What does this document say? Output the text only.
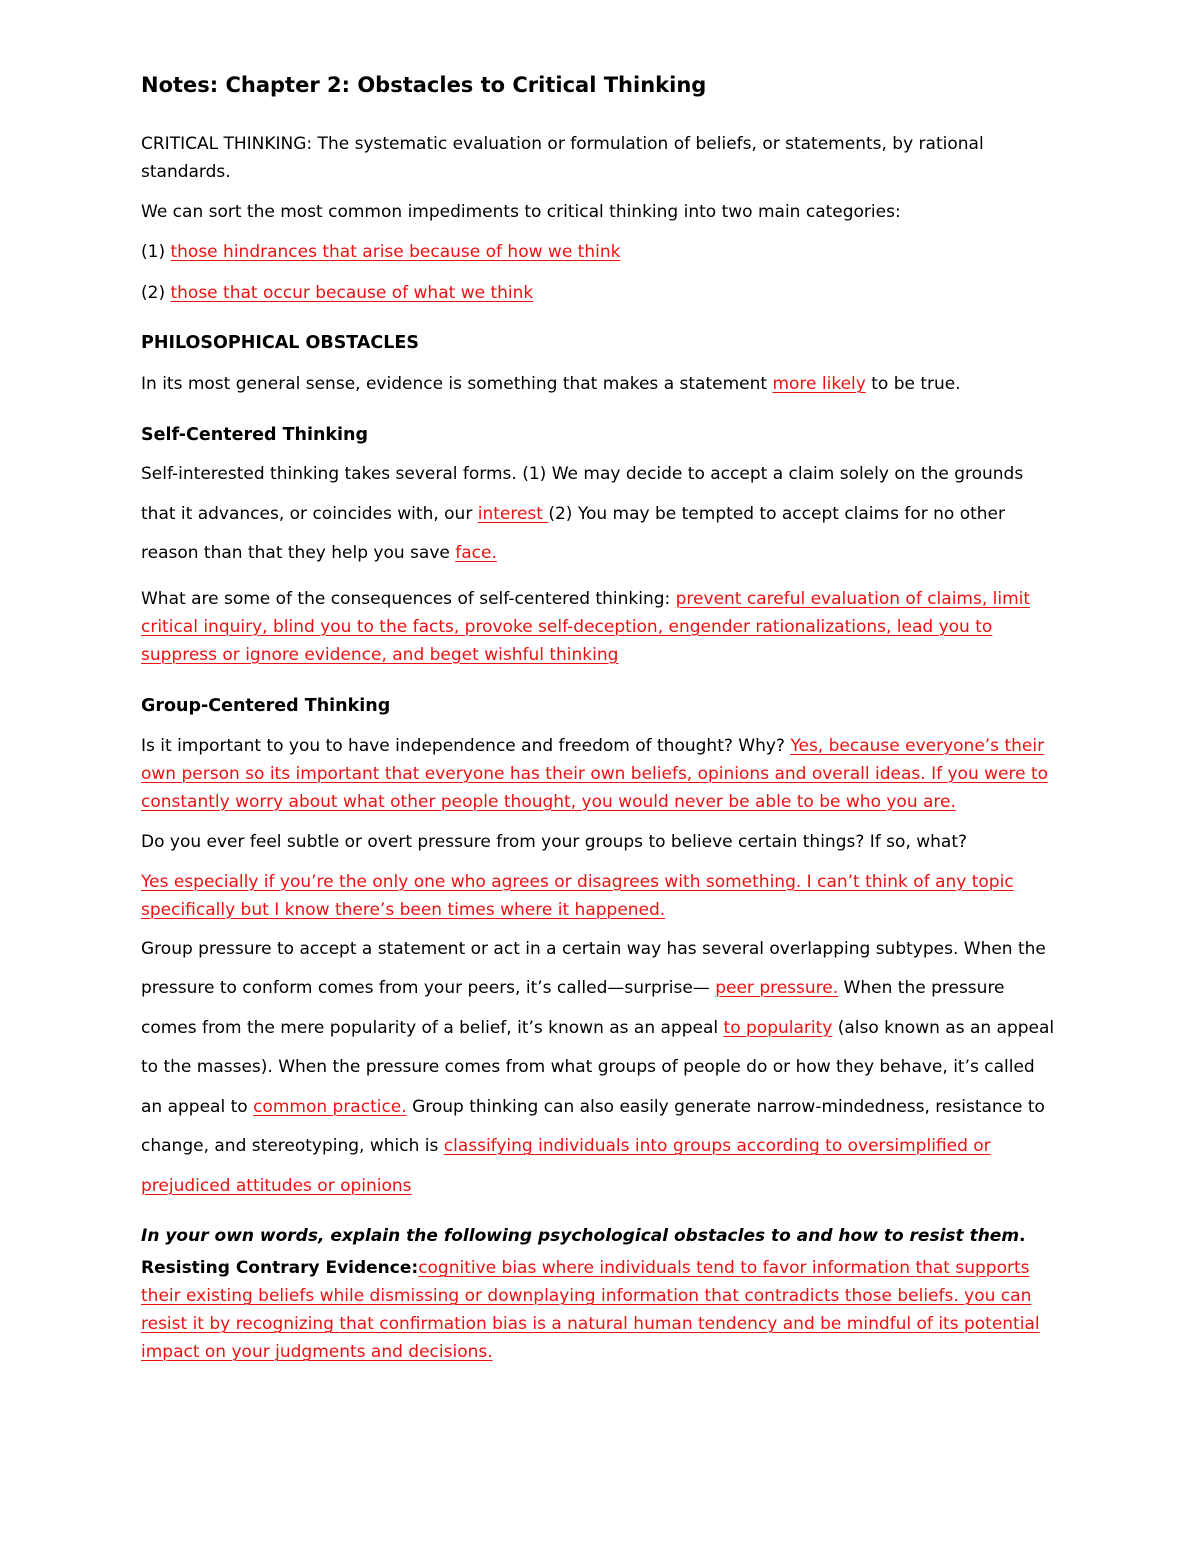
Notes: Chapter 2: Obstacles to Critical Thinking

CRITICAL THINKING: The systematic evaluation or formulation of beliefs, or statements, by rational standards.

We can sort the most common impediments to critical thinking into two main categories:

(1) those hindrances that arise because of how we think

(2) those that occur because of what we think

PHILOSOPHICAL OBSTACLES

In its most general sense, evidence is something that makes a statement more likely to be true.

Self-Centered Thinking

Self-interested thinking takes several forms. (1) We may decide to accept a claim solely on the grounds that it advances, or coincides with, our interest (2) You may be tempted to accept claims for no other reason than that they help you save face.

What are some of the consequences of self-centered thinking: prevent careful evaluation of claims, limit critical inquiry, blind you to the facts, provoke self-deception, engender rationalizations, lead you to suppress or ignore evidence, and beget wishful thinking

Group-Centered Thinking

Is it important to you to have independence and freedom of thought? Why? Yes, because everyone’s their own person so its important that everyone has their own beliefs, opinions and overall ideas. If you were to constantly worry about what other people thought, you would never be able to be who you are.

Do you ever feel subtle or overt pressure from your groups to believe certain things? If so, what?

Yes especially if you’re the only one who agrees or disagrees with something. I can’t think of any topic specifically but I know there’s been times where it happened.

Group pressure to accept a statement or act in a certain way has several overlapping subtypes. When the pressure to conform comes from your peers, it’s called—surprise— peer pressure. When the pressure comes from the mere popularity of a belief, it’s known as an appeal to popularity (also known as an appeal to the masses). When the pressure comes from what groups of people do or how they behave, it’s called an appeal to common practice. Group thinking can also easily generate narrow-mindedness, resistance to change, and stereotyping, which is classifying individuals into groups according to oversimplified or prejudiced attitudes or opinions

In your own words, explain the following psychological obstacles to and how to resist them.

Resisting Contrary Evidence:cognitive bias where individuals tend to favor information that supports their existing beliefs while dismissing or downplaying information that contradicts those beliefs. you can resist it by recognizing that confirmation bias is a natural human tendency and be mindful of its potential impact on your judgments and decisions.
